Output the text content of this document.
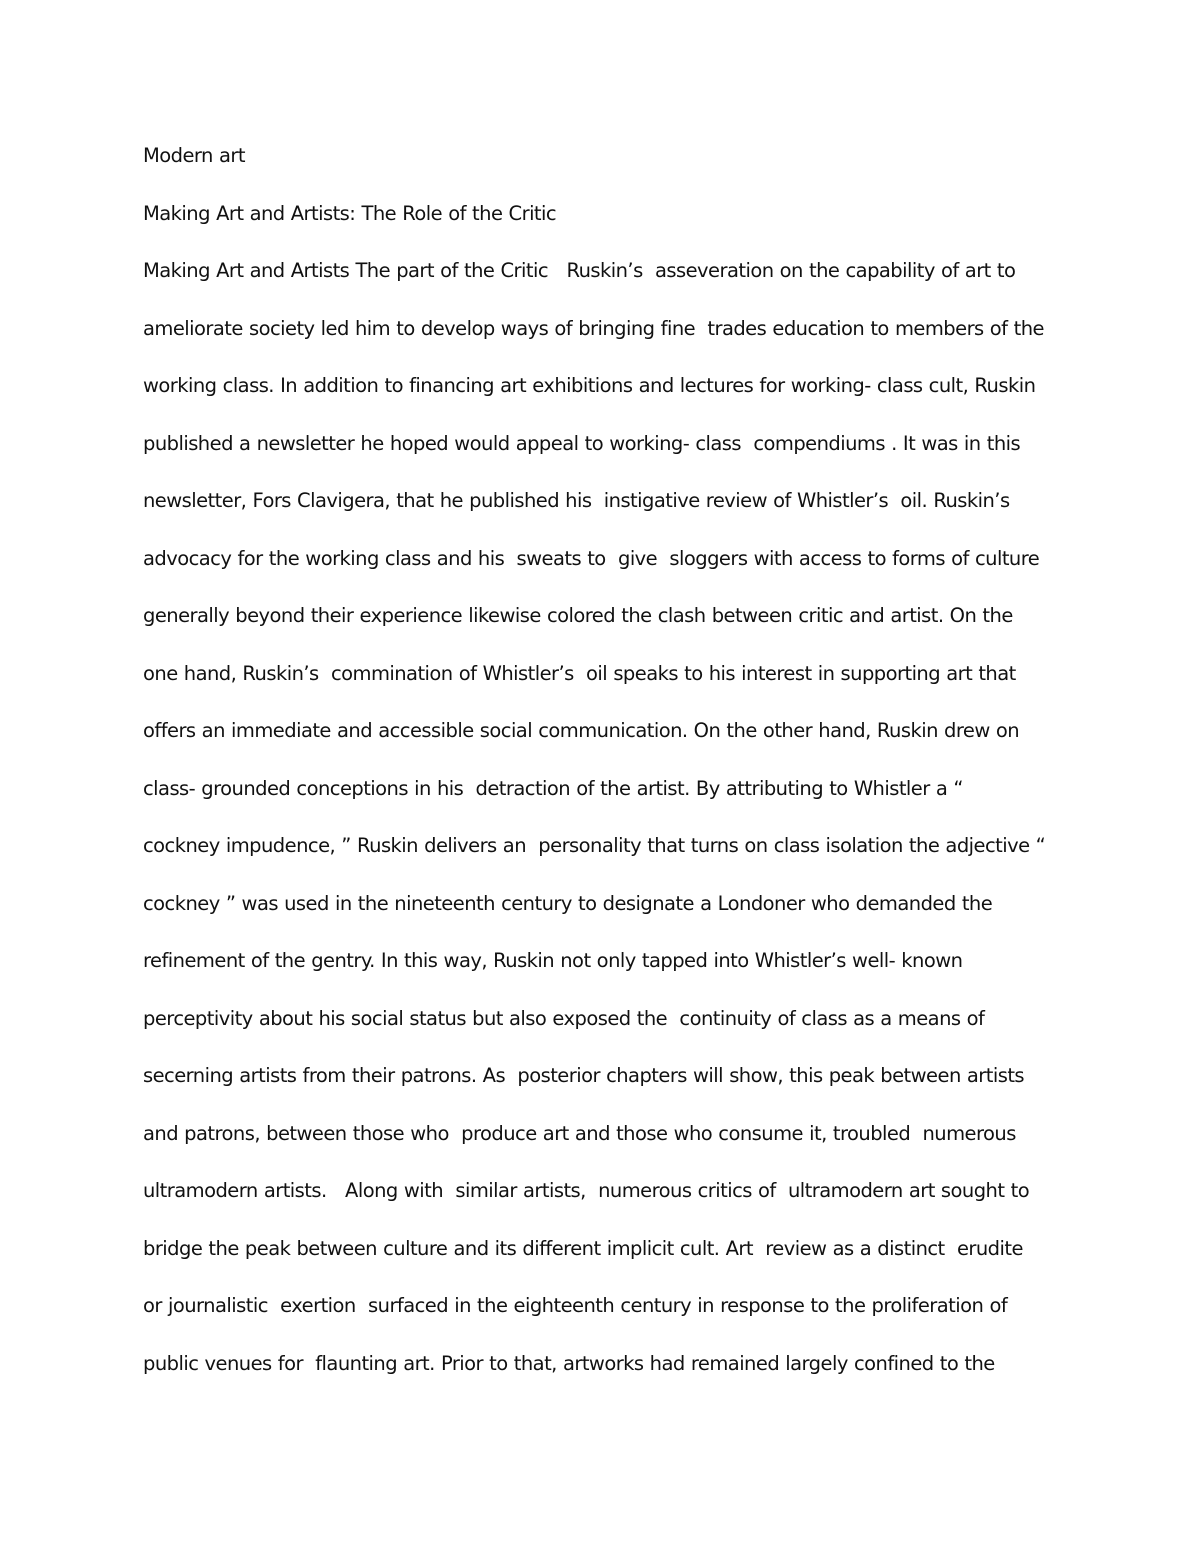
Modern art

Making Art and Artists: The Role of the Critic

Making Art and Artists The part of the Critic   Ruskin’s  asseveration on the capability of art to

ameliorate society led him to develop ways of bringing fine  trades education to members of the

working class. In addition to financing art exhibitions and lectures for working- class cult, Ruskin

published a newsletter he hoped would appeal to working- class  compendiums . It was in this

newsletter, Fors Clavigera, that he published his  instigative review of Whistler’s  oil. Ruskin’s

advocacy for the working class and his  sweats to  give  sloggers with access to forms of culture

generally beyond their experience likewise colored the clash between critic and artist. On the

one hand, Ruskin’s  commination of Whistler’s  oil speaks to his interest in supporting art that

offers an immediate and accessible social communication. On the other hand, Ruskin drew on

class- grounded conceptions in his  detraction of the artist. By attributing to Whistler a “

cockney impudence, ” Ruskin delivers an  personality that turns on class isolation the adjective “

cockney ” was used in the nineteenth century to designate a Londoner who demanded the

refinement of the gentry. In this way, Ruskin not only tapped into Whistler’s well- known

perceptivity about his social status but also exposed the  continuity of class as a means of

secerning artists from their patrons. As  posterior chapters will show, this peak between artists

and patrons, between those who  produce art and those who consume it, troubled  numerous

ultramodern artists.   Along with  similar artists,  numerous critics of  ultramodern art sought to

bridge the peak between culture and its different implicit cult. Art  review as a distinct  erudite

or journalistic  exertion  surfaced in the eighteenth century in response to the proliferation of

public venues for  flaunting art. Prior to that, artworks had remained largely confined to the
